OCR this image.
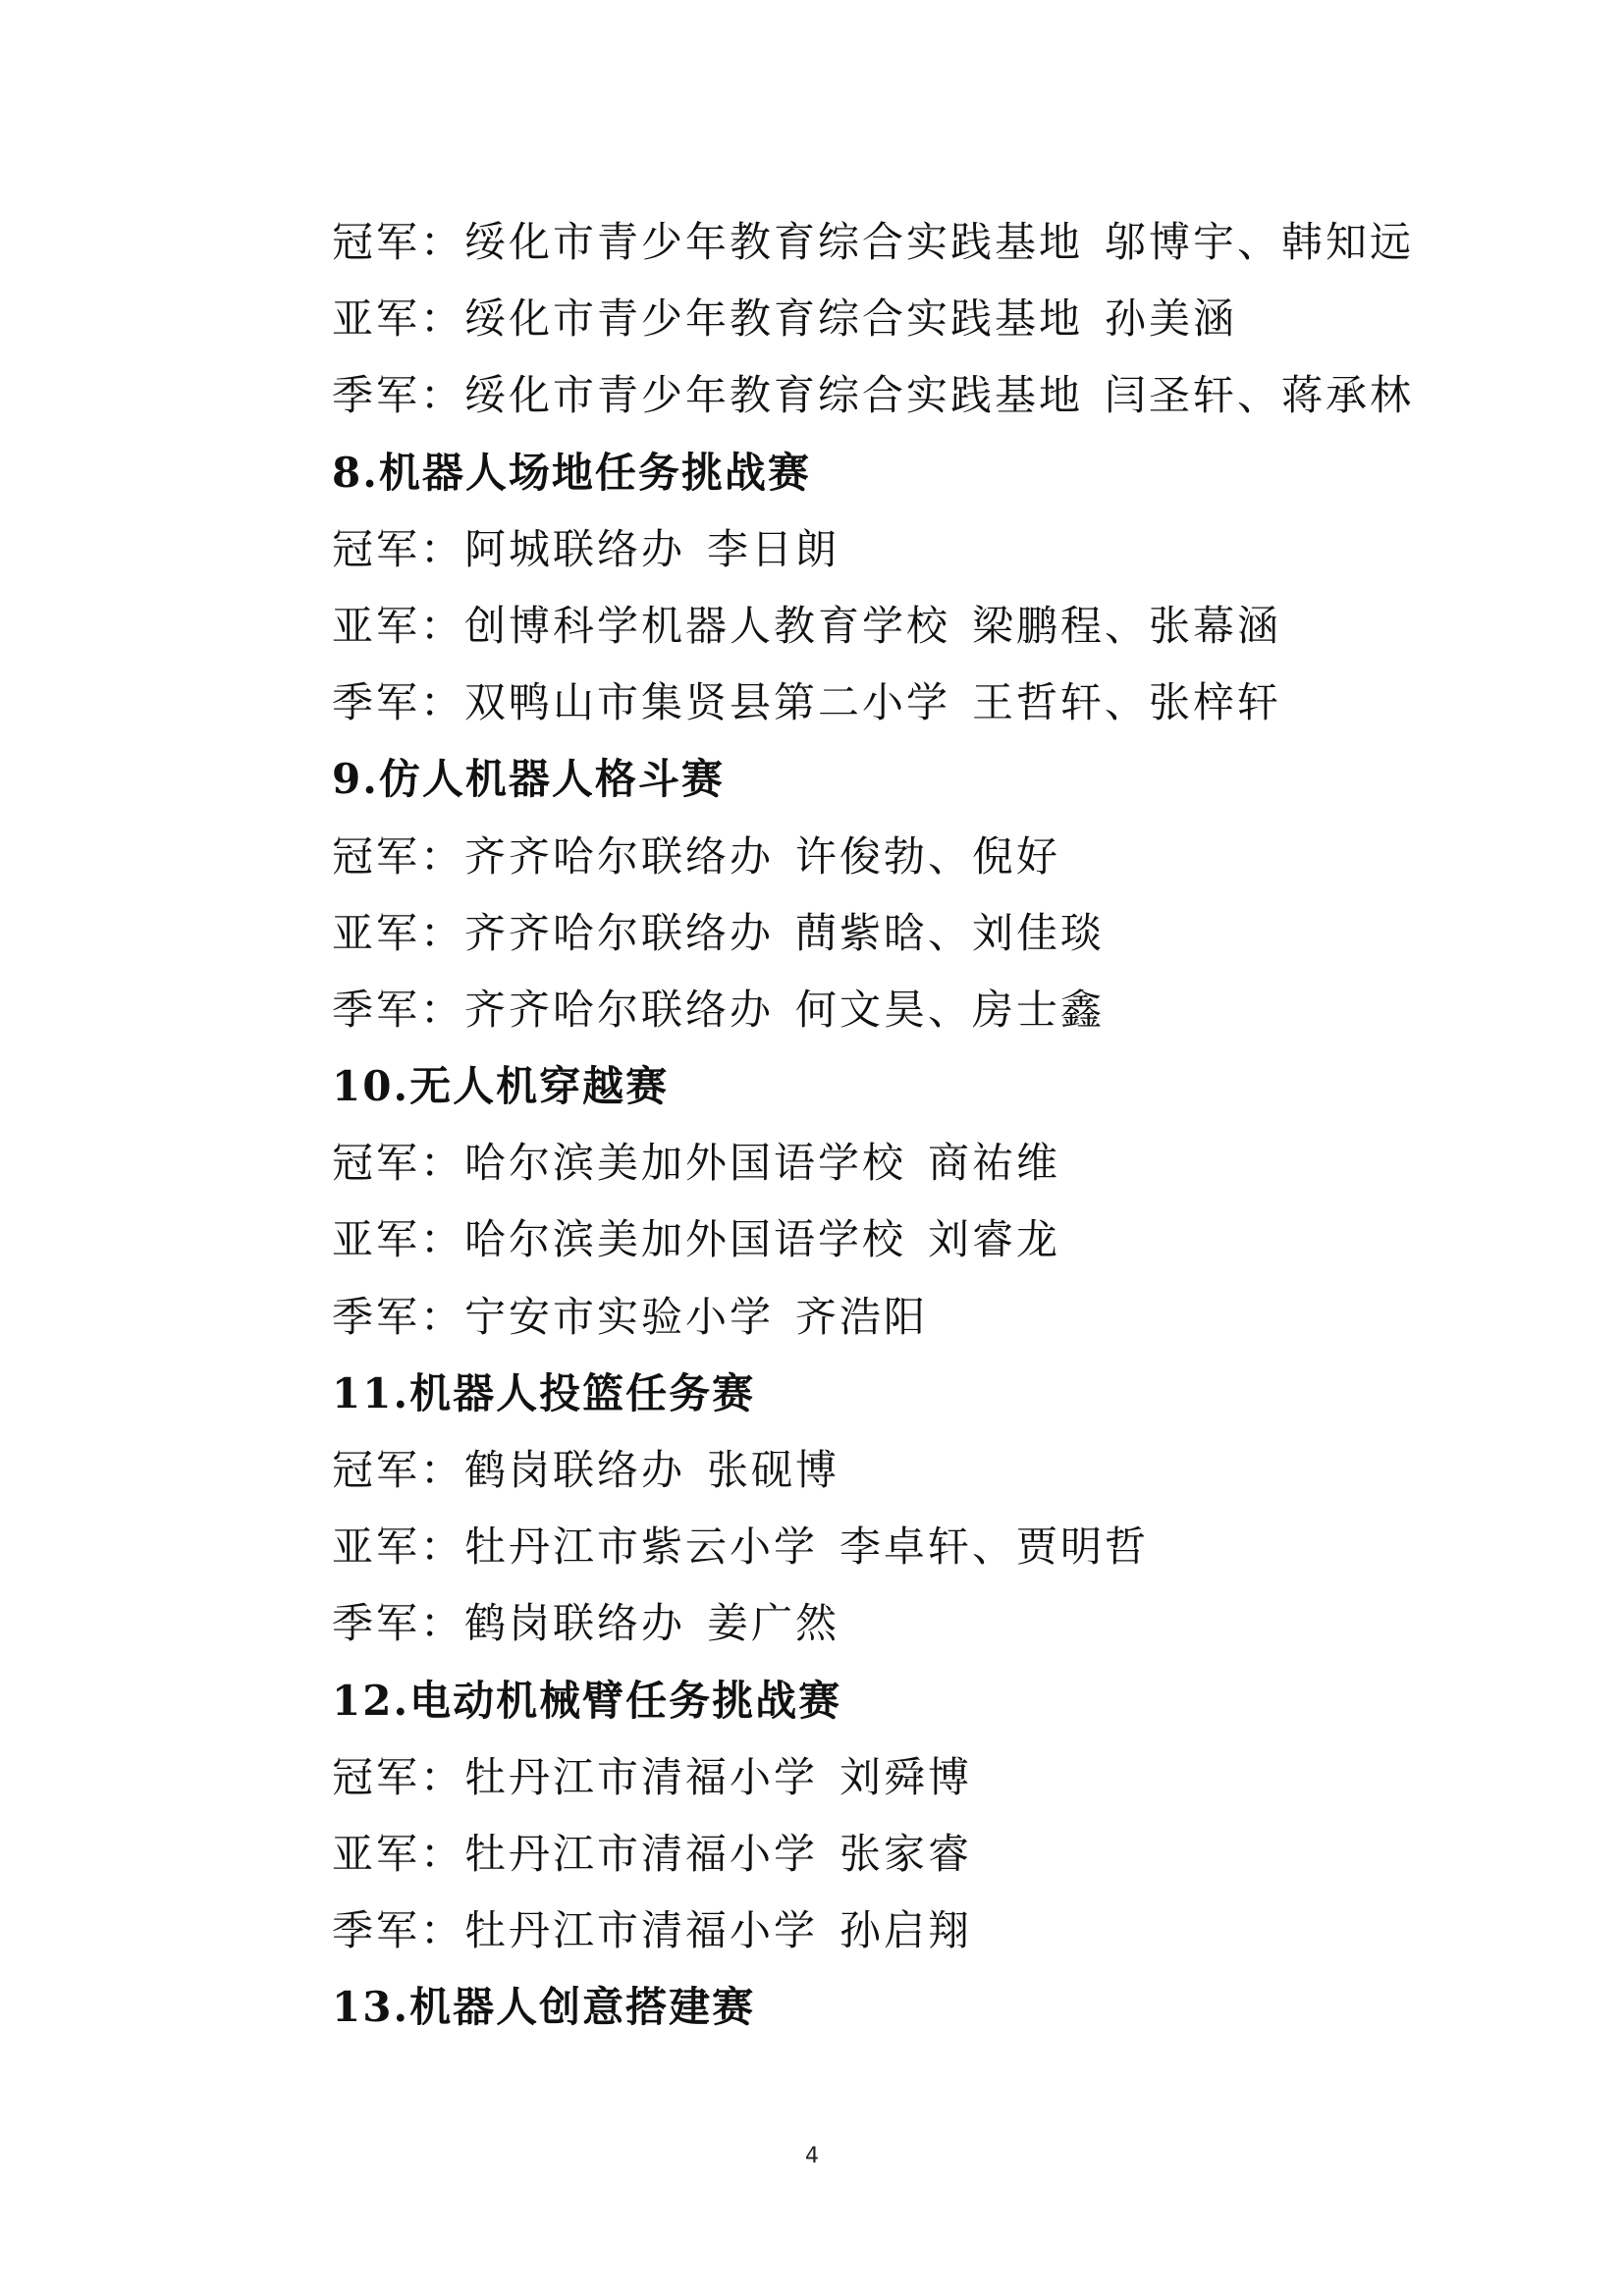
冠军：绥化市青少年教育综合实践基地 邬博宇、韩知远
亚军：绥化市青少年教育综合实践基地 孙美涵
季军：绥化市青少年教育综合实践基地 闫圣轩、蒋承林
8.机器人场地任务挑战赛
冠军：阿城联络办 李日朗
亚军：创博科学机器人教育学校 梁鹏程、张幕涵
季军：双鸭山市集贤县第二小学 王哲轩、张梓轩
9.仿人机器人格斗赛
冠军：齐齐哈尔联络办 许俊勃、倪好
亚军：齐齐哈尔联络办 蔄紫晗、刘佳琰
季军：齐齐哈尔联络办 何文昊、房士鑫
10.无人机穿越赛
冠军：哈尔滨美加外国语学校 商祐维
亚军：哈尔滨美加外国语学校 刘睿龙
季军：宁安市实验小学 齐浩阳
11.机器人投篮任务赛
冠军：鹤岗联络办 张砚博
亚军：牡丹江市紫云小学 李卓轩、贾明哲
季军：鹤岗联络办 姜广然
12.电动机械臂任务挑战赛
冠军：牡丹江市清福小学 刘舜博
亚军：牡丹江市清福小学 张家睿
季军：牡丹江市清福小学 孙启翔
13.机器人创意搭建赛
4
